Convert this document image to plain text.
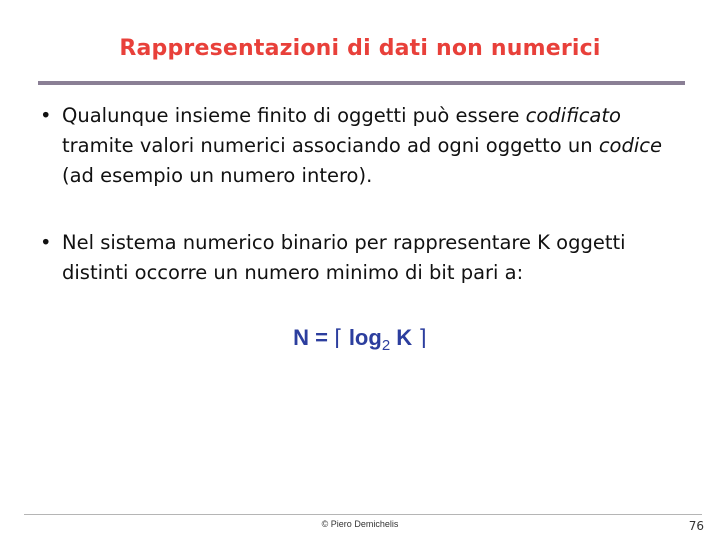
Rappresentazioni di dati non numerici
• Qualunque insieme finito di oggetti può essere codificato tramite valori numerici associando ad ogni oggetto un codice (ad esempio un numero intero).
• Nel sistema numerico binario per rappresentare K oggetti distinti occorre un numero minimo di bit pari a:
N = ⌈ $\log_2 K$ ⌉
© Piero Demichelis	76
